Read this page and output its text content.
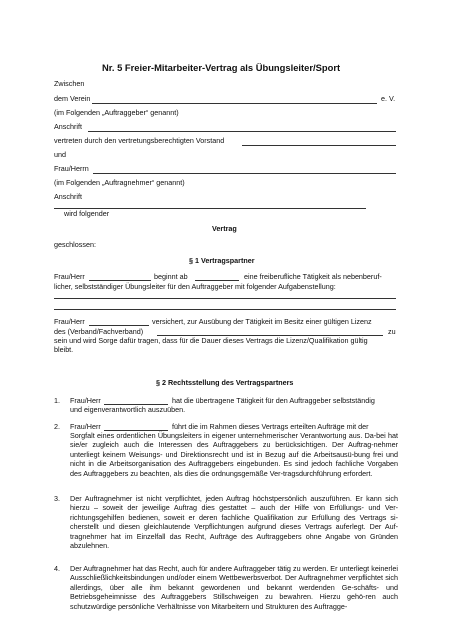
Nr. 5 Freier-Mitarbeiter-Vertrag als Übungsleiter/Sport
Zwischen
dem Verein	e. V.
(im Folgenden „Auftraggeber“ genannt)
Anschrift
vertreten durch den vertretungsberechtigten Vorstand
und
Frau/Herrn
(im Folgenden „Auftragnehmer“ genannt)
Anschrift
wird folgender
Vertrag
geschlossen:
§ 1 Vertragspartner
Frau/Herr	beginnt ab	eine freiberufliche Tätigkeit als nebenberuf-
licher, selbstständiger Übungsleiter für den Auftraggeber mit folgender Aufgabenstellung:
Frau/Herr	versichert, zur Ausübung der Tätigkeit im Besitz einer gültigen Lizenz
des (Verband/Fachverband)	zu
sein und wird Sorge dafür tragen, dass für die Dauer dieses Vertrags die Lizenz/Qualifikation gültig
bleibt.
§ 2 Rechtsstellung des Vertragspartners
1. Frau/Herr	hat die übertragene Tätigkeit für den Auftraggeber selbstständig
und eigenverantwortlich auszuüben.
2. Frau/Herr	führt die im Rahmen dieses Vertrags erteilten Aufträge mit der
Sorgfalt eines ordentlichen Übungsleiters in eigener unternehmerischer Verantwortung aus. Da-bei hat sie/er zugleich auch die Interessen des Auftraggebers zu berücksichtigen. Der Auftrag-nehmer unterliegt keinem Weisungs- und Direktionsrecht und ist in Bezug auf die Arbeitsausü-bung frei und nicht in die Arbeitsorganisation des Auftraggebers eingebunden. Es sind jedoch fachliche Vorgaben des Auftraggebers zu beachten, als dies die ordnungsgemäße Ver-tragsdurchführung erfordert.
3. Der Auftragnehmer ist nicht verpflichtet, jeden Auftrag höchstpersönlich auszuführen. Er kann sich hierzu – soweit der jeweilige Auftrag dies gestattet – auch der Hilfe von Erfüllungs- und Ver-richtungsgehilfen bedienen, soweit er deren fachliche Qualifikation zur Erfüllung des Vertrags si-cherstellt und diesen gleichlautende Verpflichtungen aufgrund dieses Vertrags auferlegt. Der Auf-tragnehmer hat im Einzelfall das Recht, Aufträge des Auftraggebers ohne Angabe von Gründen abzulehnen.
4. Der Auftragnehmer hat das Recht, auch für andere Auftraggeber tätig zu werden. Er unterliegt keinerlei Ausschließlichkeitsbindungen und/oder einem Wettbewerbsverbot. Der Auftragnehmer verpflichtet sich allerdings, über alle ihm bekannt gewordenen und bekannt werdenden Ge-schäfts- und Betriebsgeheimnisse des Auftraggebers Stillschweigen zu bewahren. Hierzu gehö-ren auch schutzwürdige persönliche Verhältnisse von Mitarbeitern und Strukturen des Auftragge-
